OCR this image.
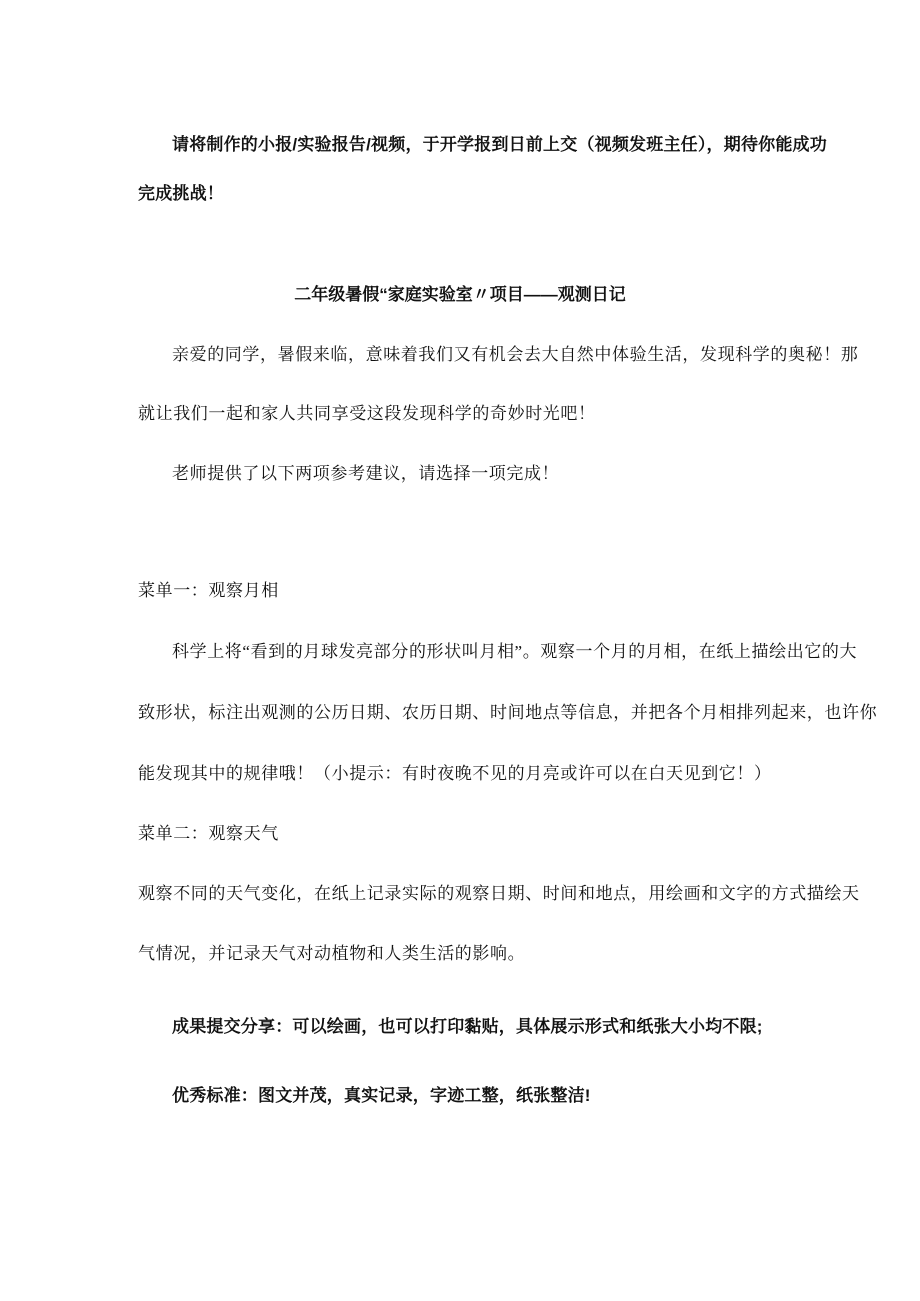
请将制作的小报/实验报告/视频，于开学报到日前上交（视频发班主任），期待你能成功
完成挑战！
二年级暑假“家庭实验室〃项目——观测日记
亲爱的同学，暑假来临，意味着我们又有机会去大自然中体验生活，发现科学的奥秘！那
就让我们一起和家人共同享受这段发现科学的奇妙时光吧！
老师提供了以下两项参考建议，请选择一项完成！
菜单一：观察月相
科学上将“看到的月球发亮部分的形状叫月相”。观察一个月的月相，在纸上描绘出它的大
致形状，标注出观测的公历日期、农历日期、时间地点等信息，并把各个月相排列起来，也许你
能发现其中的规律哦！（小提示：有时夜晚不见的月亮或许可以在白天见到它！）
菜单二：观察天气
观察不同的天气变化，在纸上记录实际的观察日期、时间和地点，用绘画和文字的方式描绘天
气情况，并记录天气对动植物和人类生活的影响。
成果提交分享：可以绘画，也可以打印黏贴，具体展示形式和纸张大小均不限;
优秀标准：图文并茂，真实记录，字迹工整，纸张整洁!
